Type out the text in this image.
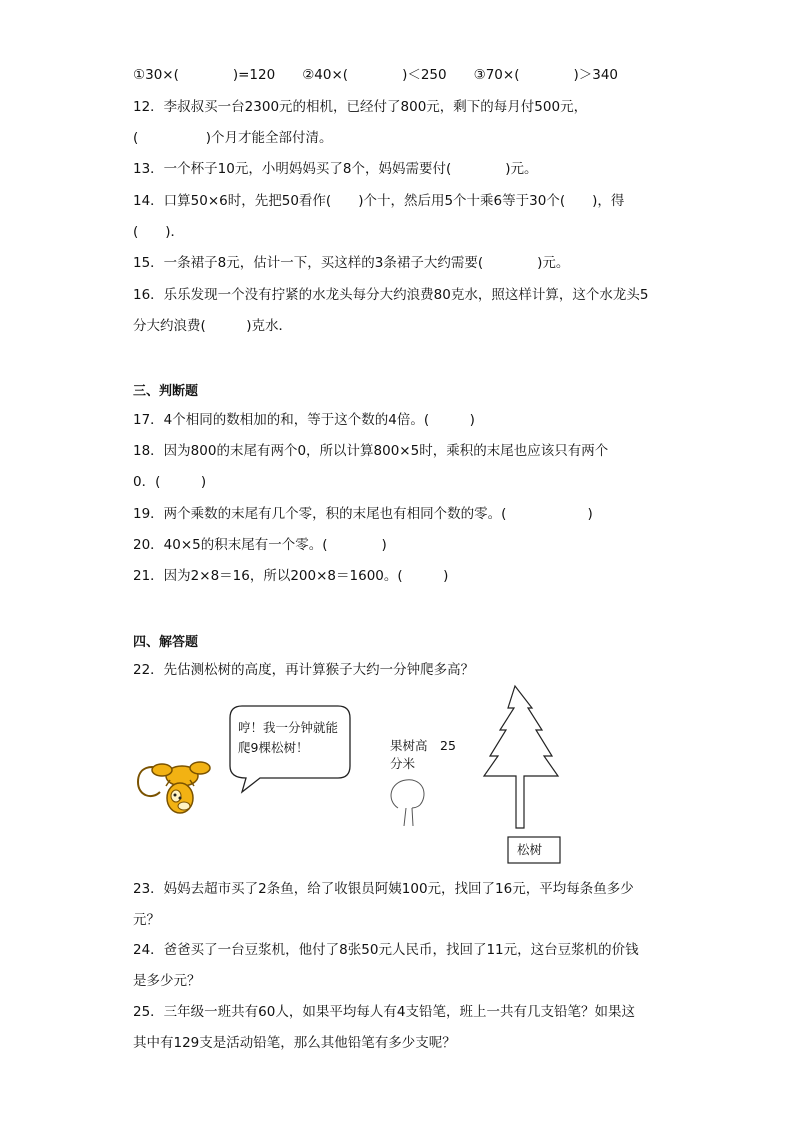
①30×(　　　　)=120　　②40×(　　　　)＜250　　③70×(　　　　)＞340
12．李叔叔买一台2300元的相机，已经付了800元，剩下的每月付500元，
(　　　　　)个月才能全部付清。
13．一个杯子10元，小明妈妈买了8个，妈妈需要付(　　　　)元。
14．口算50×6时，先把50看作(　　)个十，然后用5个十乘6等于30个(　　)，得
(　　)．
15．一条裙子8元，估计一下，买这样的3条裙子大约需要(　　　　)元。
16．乐乐发现一个没有拧紧的水龙头每分大约浪费80克水，照这样计算，这个水龙头5
分大约浪费(　　　)克水．
三、判断题
17．4个相同的数相加的和，等于这个数的4倍。(　　　)
18．因为800的末尾有两个0，所以计算800×5时，乘积的末尾也应该只有两个
0．(　　　)
19．两个乘数的末尾有几个零，积的末尾也有相同个数的零。(　　　　　　)
20．40×5的积末尾有一个零。(　　　　)
21．因为2×8＝16，所以200×8＝1600。(　　　)
四、解答题
22．先估测松树的高度，再计算猴子大约一分钟爬多高？
哼！我一分钟就能
爬9棵松树！	果树高　25
分米
松树
23．妈妈去超市买了2条鱼，给了收银员阿姨100元，找回了16元，平均每条鱼多少
元？
24．爸爸买了一台豆浆机，他付了8张50元人民币，找回了11元，这台豆浆机的价钱
是多少元？
25．三年级一班共有60人，如果平均每人有4支铅笔，班上一共有几支铅笔？如果这
其中有129支是活动铅笔，那么其他铅笔有多少支呢？
